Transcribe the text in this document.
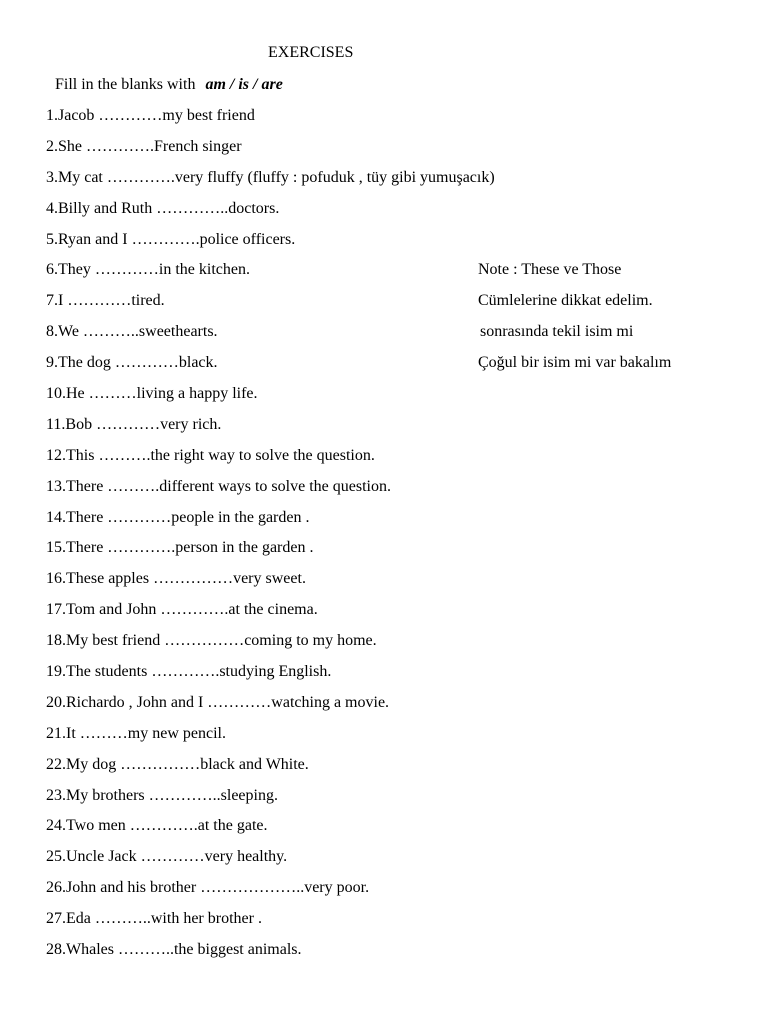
EXERCISES
Fill in the blanks with am / is / are
1.Jacob …………my best friend
2.She ………….French singer
3.My cat ………….very fluffy (fluffy : pofuduk , tüy gibi yumuşacık)
4.Billy and Ruth …………..doctors.
5.Ryan and I ………….police officers.
6.They …………in the kitchen.
7.I …………tired.
8.We ………..sweethearts.
9.The dog …………black.
10.He ………living a happy life.
11.Bob …………very rich.
12.This ……….the right way to solve the question.
13.There ……….different ways to solve the question.
14.There …………people in the garden .
15.There ………….person in the garden .
16.These apples ……………very sweet.
17.Tom and John ………….at the cinema.
18.My best friend ……………coming to my home.
19.The students ………….studying English.
20.Richardo , John and I …………watching a movie.
21.It ………my new pencil.
22.My dog ……………black and White.
23.My brothers …………..sleeping.
24.Two men ………….at the gate.
25.Uncle Jack …………very healthy.
26.John and his brother ………………..very poor.
27.Eda ………..with her brother .
28.Whales ………..the biggest animals.
Note : These ve Those
Cümlelerine dikkat edelim.
sonrasında tekil isim mi
Çoğul bir isim mi var bakalım
